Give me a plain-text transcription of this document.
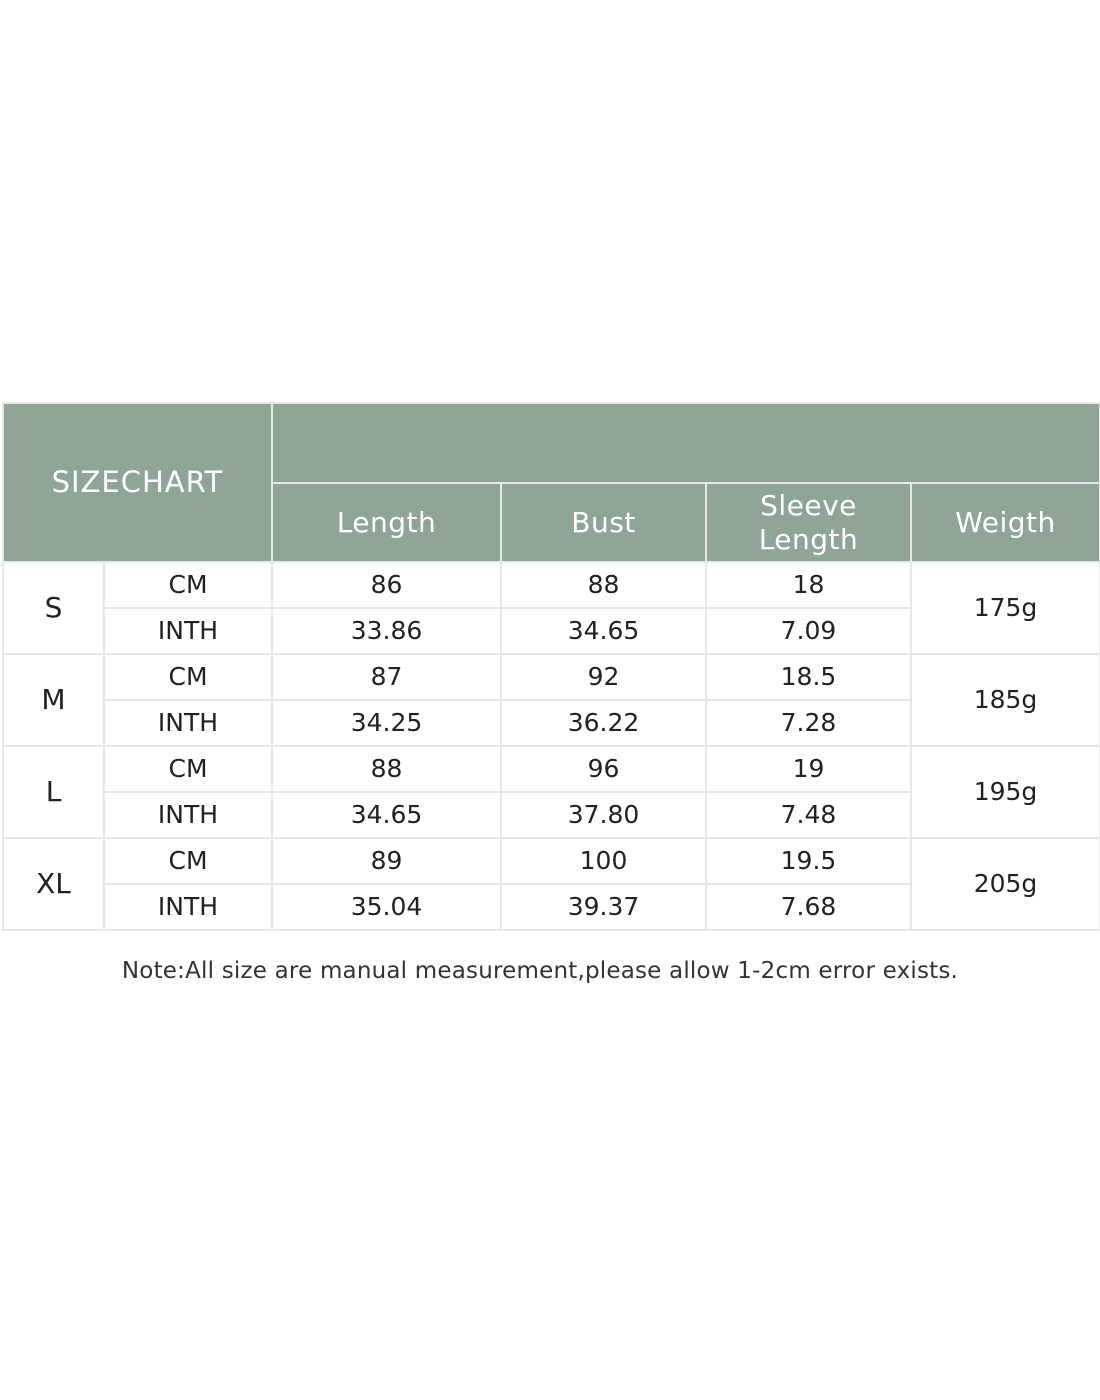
SIZECHART					
		Length	Bust	Sleeve
Length	Weigth
S	CM	86	88	18	175g
	INTH	33.86	34.65	7.09	
M	CM	87	92	18.5	185g
	INTH	34.25	36.22	7.28	
L	CM	88	96	19	195g
	INTH	34.65	37.80	7.48	
XL	CM	89	100	19.5	205g
	INTH	35.04	39.37	7.68	
Note:All size are manual measurement,please allow 1-2cm error exists.
